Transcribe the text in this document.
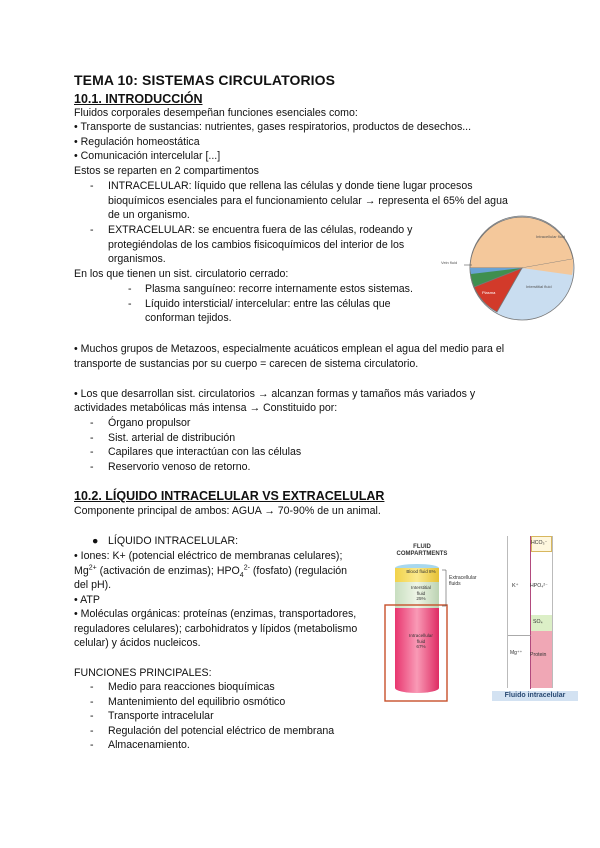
TEMA 10: SISTEMAS CIRCULATORIOS
10.1. INTRODUCCIÓN
Fluidos corporales desempeñan funciones esenciales como:
• Transporte de sustancias: nutrientes, gases respiratorios, productos de desechos...
• Regulación homeostática
• Comunicación intercelular [...]
Estos se reparten en 2 compartimentos
- INTRACELULAR: líquido que rellena las células y donde tiene lugar procesos
bioquímicos esenciales para el funcionamiento celular → representa el 65% del agua
de un organismo.
- EXTRACELULAR: se encuentra fuera de las células, rodeando y
protegiéndolas de los cambios fisicoquímicos del interior de los
organismos.
En los que tienen un sist. circulatorio cerrado:
- Plasma sanguíneo: recorre internamente estos sistemas.
- Líquido intersticial/ intercelular: entre las células que
conforman tejidos.
Intracellular fluid
Interstitial fluid
Plasma
Vein fluid
• Muchos grupos de Metazoos, especialmente acuáticos emplean el agua del medio para el
transporte de sustancias por su cuerpo = carecen de sistema circulatorio.
• Los que desarrollan sist. circulatorios → alcanzan formas y tamaños más variados y
actividades metabólicas más intensa → Constituido por:
- Órgano propulsor
- Sist. arterial de distribución
- Capilares que interactúan con las células
- Reservorio venoso de retorno.
10.2. LÍQUIDO INTRACELULAR VS EXTRACELULAR
Componente principal de ambos: AGUA → 70-90% de un animal.
● LÍQUIDO INTRACELULAR:
• Iones: K+ (potencial eléctrico de membranas celulares);
$Mg^{2+}$ (activación de enzimas); $HPO_4^{2-}$ (fosfato) (regulación
del pH).
• ATP
• Moléculas orgánicas: proteínas (enzimas, transportadores,
reguladores celulares); carbohidratos y lípidos (metabolismo
celular) y ácidos nucleicos.
FUNCIONES PRINCIPALES:
- Medio para reacciones bioquímicas
- Mantenimiento del equilibrio osmótico
- Transporte intracelular
- Regulación del potencial eléctrico de membrana
- Almacenamiento.
FLUID
COMPARTMENTS
Blood fluid 8%
Interstitial
fluid
25%
Intracellular
fluid
67%
Extracellular
fluids	K⁺
Mg⁺⁺
HCO₃⁻
HPO₄²⁻
SO₄
Protein
Fluido intracelular
